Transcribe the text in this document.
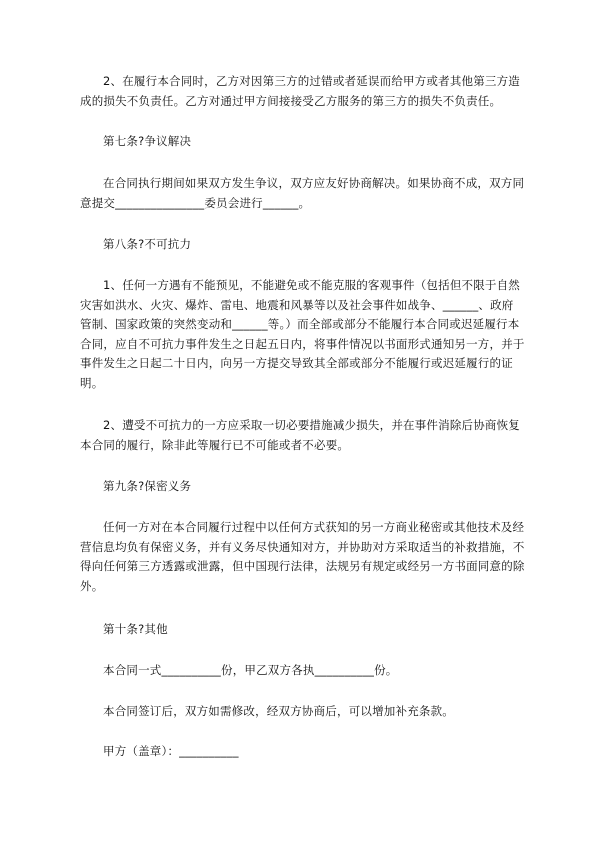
2、在履行本合同时，乙方对因第三方的过错或者延误而给甲方或者其他第三方造成的损失不负责任。乙方对通过甲方间接接受乙方服务的第三方的损失不负责任。

第七条?争议解决

在合同执行期间如果双方发生争议，双方应友好协商解决。如果协商不成，双方同意提交_______________委员会进行______。

第八条?不可抗力

1、任何一方遇有不能预见，不能避免或不能克服的客观事件（包括但不限于自然灾害如洪水、火灾、爆炸、雷电、地震和风暴等以及社会事件如战争、______、政府管制、国家政策的突然变动和______等。）而全部或部分不能履行本合同或迟延履行本合同，应自不可抗力事件发生之日起五日内，将事件情况以书面形式通知另一方，并于事件发生之日起二十日内，向另一方提交导致其全部或部分不能履行或迟延履行的证明。

2、遭受不可抗力的一方应采取一切必要措施减少损失，并在事件消除后协商恢复本合同的履行，除非此等履行已不可能或者不必要。

第九条?保密义务

任何一方对在本合同履行过程中以任何方式获知的另一方商业秘密或其他技术及经营信息均负有保密义务，并有义务尽快通知对方，并协助对方采取适当的补救措施，不得向任何第三方透露或泄露，但中国现行法律，法规另有规定或经另一方书面同意的除外。

第十条?其他

本合同一式__________份，甲乙双方各执__________份。

本合同签订后，双方如需修改，经双方协商后，可以增加补充条款。

甲方（盖章）：__________
